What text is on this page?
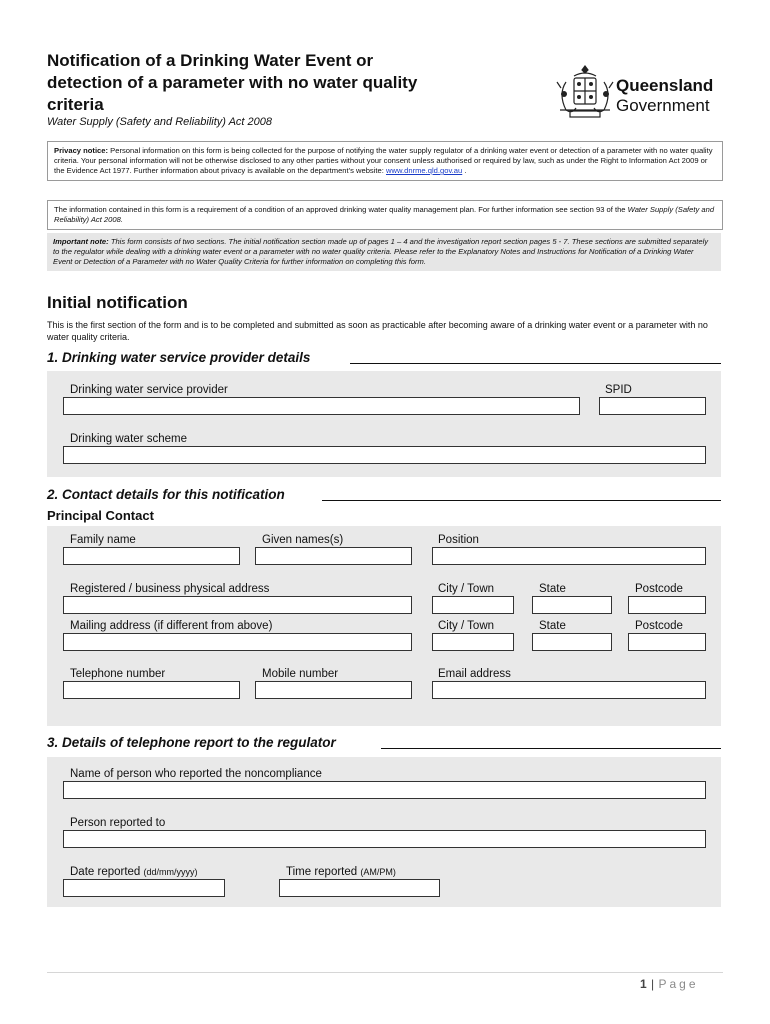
Notification of a Drinking Water Event or detection of a parameter with no water quality criteria
Water Supply (Safety and Reliability) Act 2008
Queensland
Government
Privacy notice: Personal information on this form is being collected for the purpose of notifying the water supply regulator of a drinking water event or detection of a parameter with no water quality criteria. Your personal information will not be otherwise disclosed to any other parties without your consent unless authorised or required by law, such as under the Right to Information Act 2009 or the Evidence Act 1977. Further information about privacy is available on the department's website: www.dnrme.qld.gov.au .
The information contained in this form is a requirement of a condition of an approved drinking water quality management plan. For further information see section 93 of the Water Supply (Safety and Reliability) Act 2008.
Important note: This form consists of two sections. The initial notification section made up of pages 1 – 4 and the investigation report section pages 5 - 7. These sections are submitted separately to the regulator while dealing with a drinking water event or a parameter with no water quality criteria. Please refer to the Explanatory Notes and Instructions for Notification of a Drinking Water Event or Detection of a Parameter with no Water Quality Criteria for further information on completing this form.
Initial notification
This is the first section of the form and is to be completed and submitted as soon as practicable after becoming aware of a drinking water event or a parameter with no water quality criteria.
1. Drinking water service provider details
Drinking water service provider	SPID
Drinking water scheme
2. Contact details for this notification
Principal Contact
Family name	Given names(s)	Position
Registered / business physical address	City / Town	State	Postcode
Mailing address (if different from above)	City / Town	State	Postcode
Telephone number	Mobile number	Email address
3. Details of telephone report to the regulator
Name of person who reported the noncompliance
Person reported to
Date reported (dd/mm/yyyy)	Time reported (AM/PM)
1 | Page
